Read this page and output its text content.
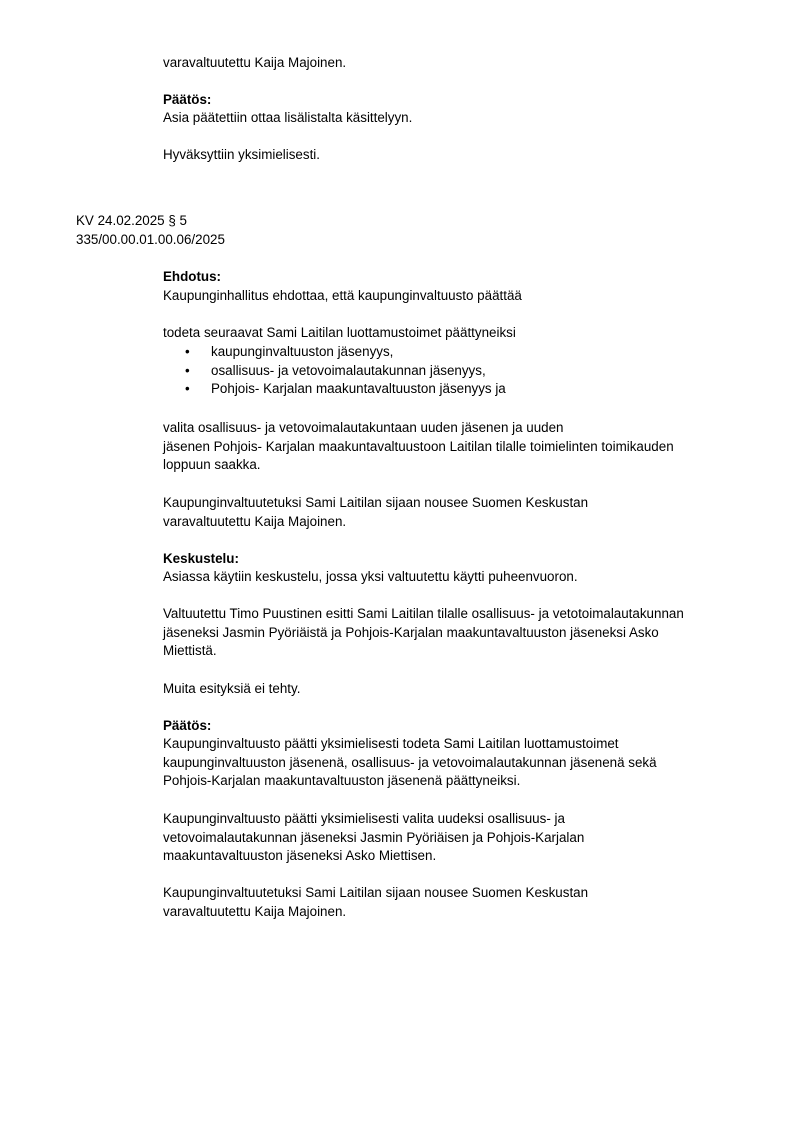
varavaltuutettu Kaija Majoinen.

Päätös:

Asia päätettiin ottaa lisälistalta käsittelyyn.

Hyväksyttiin yksimielisesti.

KV 24.02.2025 § 5

335/00.00.01.00.06/2025

Ehdotus:

Kaupunginhallitus ehdottaa, että kaupunginvaltuusto päättää

todeta seuraavat Sami Laitilan luottamustoimet päättyneiksi

• kaupunginvaltuuston jäsenyys,
• osallisuus- ja vetovoimalautakunnan jäsenyys,
• Pohjois- Karjalan maakuntavaltuuston jäsenyys ja

valita osallisuus- ja vetovoimalautakuntaan uuden jäsenen ja uuden

jäsenen Pohjois- Karjalan maakuntavaltuustoon Laitilan tilalle toimielinten toimikauden

loppuun saakka.

Kaupunginvaltuutetuksi Sami Laitilan sijaan nousee Suomen Keskustan

varavaltuutettu Kaija Majoinen.

Keskustelu:

Asiassa käytiin keskustelu, jossa yksi valtuutettu käytti puheenvuoron.

Valtuutettu Timo Puustinen esitti Sami Laitilan tilalle osallisuus- ja vetotoimalautakunnan

jäseneksi Jasmin Pyöriäistä ja Pohjois-Karjalan maakuntavaltuuston jäseneksi Asko

Miettistä.

Muita esityksiä ei tehty.

Päätös:

Kaupunginvaltuusto päätti yksimielisesti todeta Sami Laitilan luottamustoimet

kaupunginvaltuuston jäsenenä, osallisuus- ja vetovoimalautakunnan jäsenenä sekä

Pohjois-Karjalan maakuntavaltuuston jäsenenä päättyneiksi.

Kaupunginvaltuusto päätti yksimielisesti valita uudeksi osallisuus- ja

vetovoimalautakunnan jäseneksi Jasmin Pyöriäisen ja Pohjois-Karjalan

maakuntavaltuuston jäseneksi Asko Miettisen.

Kaupunginvaltuutetuksi Sami Laitilan sijaan nousee Suomen Keskustan

varavaltuutettu Kaija Majoinen.
